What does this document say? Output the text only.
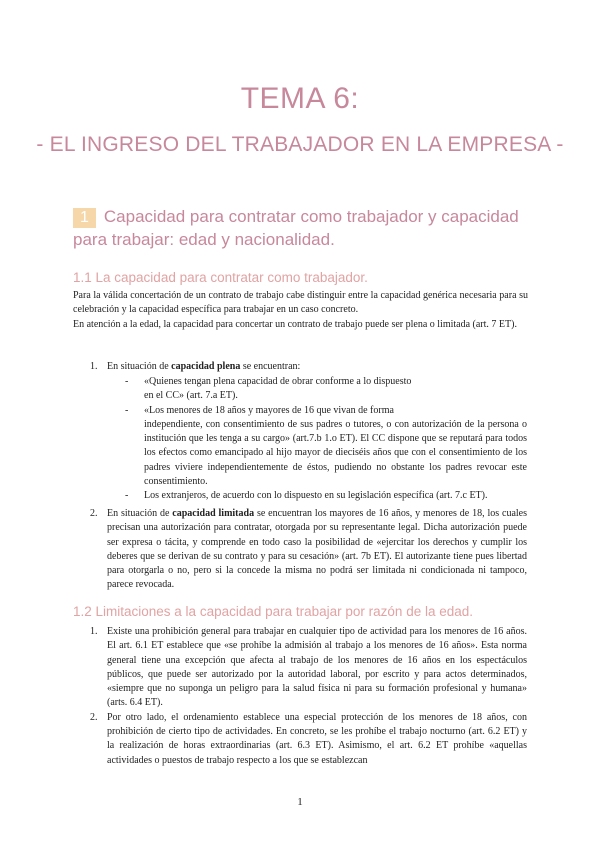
TEMA 6:
- EL INGRESO DEL TRABAJADOR EN LA EMPRESA -
1 Capacidad para contratar como trabajador y capacidad para trabajar: edad y nacionalidad.
1.1 La capacidad para contratar como trabajador.

Para la válida concertación de un contrato de trabajo cabe distinguir entre la capacidad genérica necesaria para su celebración y la capacidad específica para trabajar en un caso concreto.
En atención a la edad, la capacidad para concertar un contrato de trabajo puede ser plena o limitada (art. 7 ET).

1. En situación de capacidad plena se encuentran:
- «Quienes tengan plena capacidad de obrar conforme a lo dispuesto
en el CC» (art. 7.a ET).
- «Los menores de 18 años y mayores de 16 que vivan de forma
independiente, con consentimiento de sus padres o tutores, o con autorización de la persona o institución que les tenga a su cargo» (art.7.b 1.o ET). El CC dispone que se reputará para todos los efectos como emancipado al hijo mayor de dieciséis años que con el consentimiento de los padres viviere independientemente de éstos, pudiendo no obstante los padres revocar este consentimiento.
- Los extranjeros, de acuerdo con lo dispuesto en su legislación específica (art. 7.c ET).
2. En situación de capacidad limitada se encuentran los mayores de 16 años, y menores de 18, los cuales precisan una autorización para contratar, otorgada por su representante legal. Dicha autorización puede ser expresa o tácita, y comprende en todo caso la posibilidad de «ejercitar los derechos y cumplir los deberes que se derivan de su contrato y para su cesación» (art. 7b ET). El autorizante tiene pues libertad para otorgarla o no, pero si la concede la misma no podrá ser limitada ni condicionada ni tampoco, parece revocada.
1.2 Limitaciones a la capacidad para trabajar por razón de la edad.
1. Existe una prohibición general para trabajar en cualquier tipo de actividad para los menores de 16 años. El art. 6.1 ET establece que «se prohíbe la admisión al trabajo a los menores de 16 años». Esta norma general tiene una excepción que afecta al trabajo de los menores de 16 años en los espectáculos públicos, que puede ser autorizado por la autoridad laboral, por escrito y para actos determinados, «siempre que no suponga un peligro para la salud física ni para su formación profesional y humana» (arts. 6.4 ET).
2. Por otro lado, el ordenamiento establece una especial protección de los menores de 18 años, con prohibición de cierto tipo de actividades. En concreto, se les prohíbe el trabajo nocturno (art. 6.2 ET) y la realización de horas extraordinarias (art. 6.3 ET). Asimismo, el art. 6.2 ET prohíbe «aquellas actividades o puestos de trabajo respecto a los que se establezcan
1
